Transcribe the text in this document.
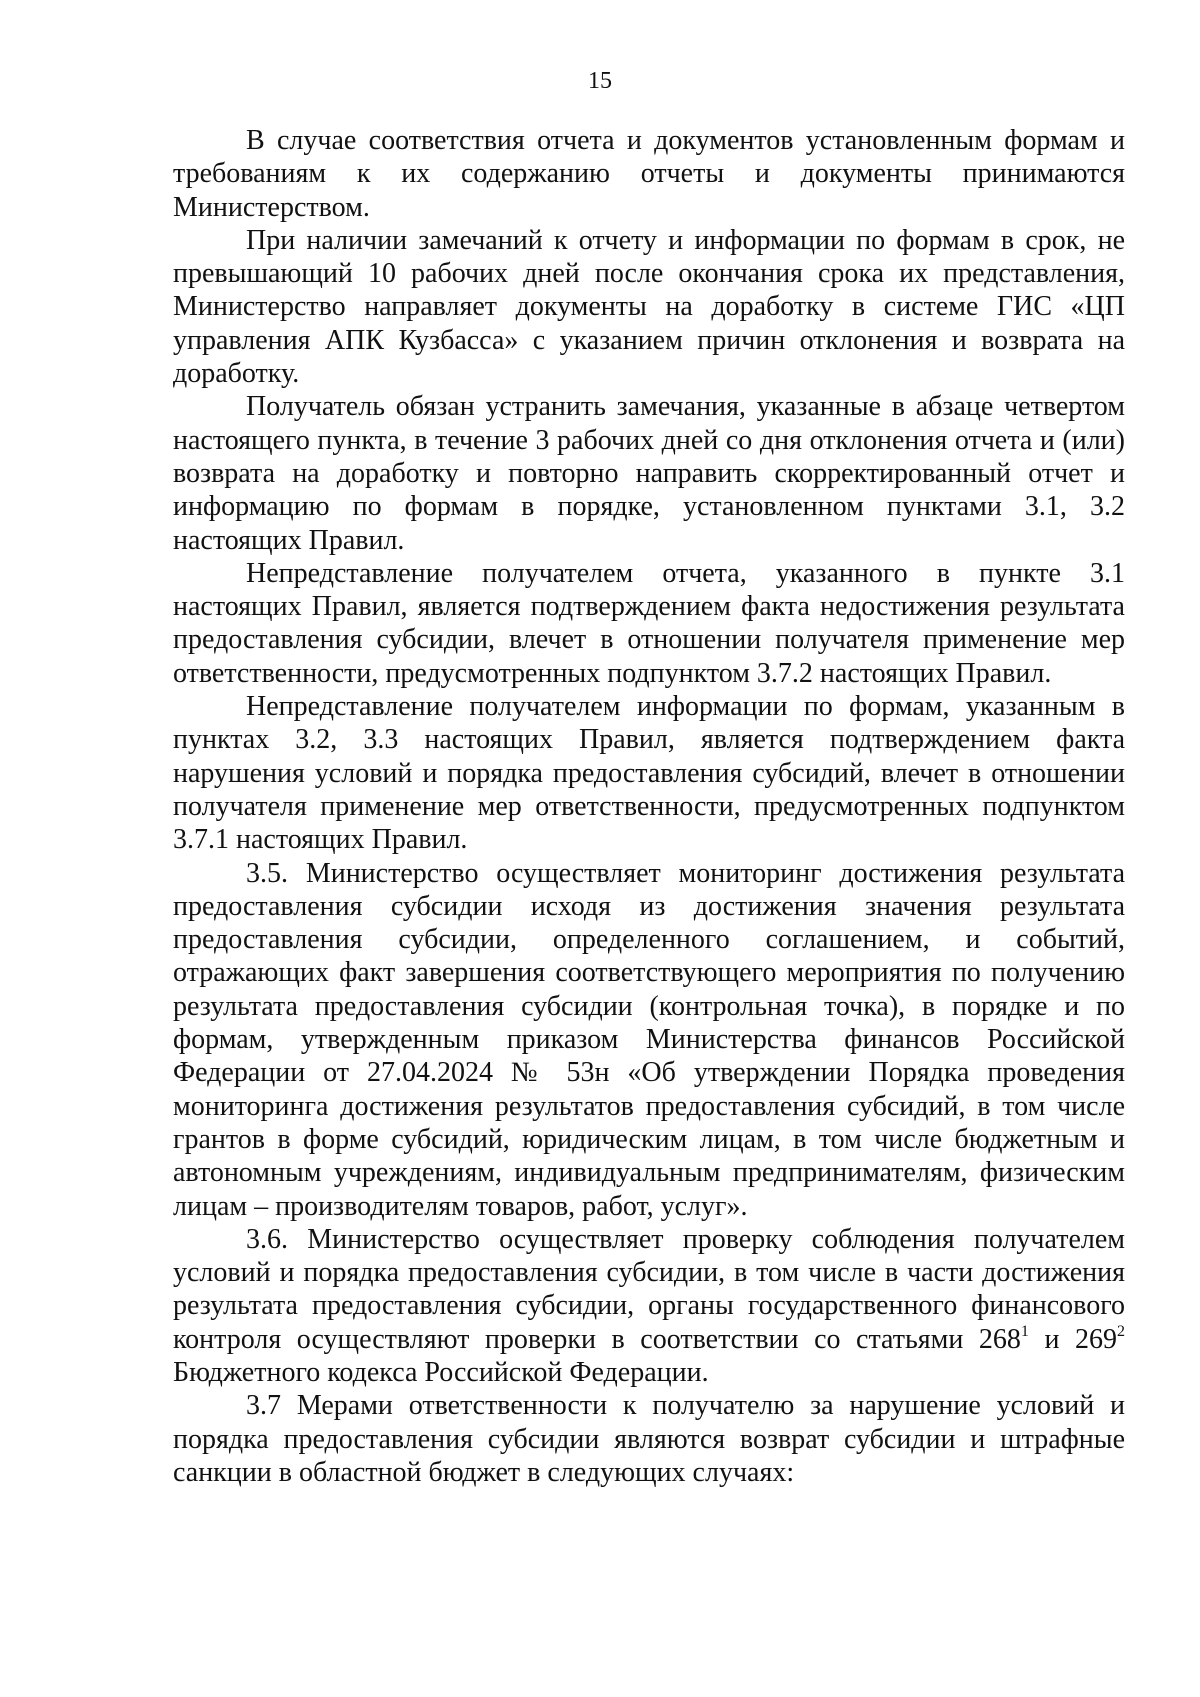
15

В случае соответствия отчета и документов установленным формам и требованиям к их содержанию отчеты и документы принимаются Министерством.

При наличии замечаний к отчету и информации по формам в срок, не превышающий 10 рабочих дней после окончания срока их представления, Министерство направляет документы на доработку в системе ГИС «ЦП управления АПК Кузбасса» с указанием причин отклонения и возврата на доработку.

Получатель обязан устранить замечания, указанные в абзаце четвертом настоящего пункта, в течение 3 рабочих дней со дня отклонения отчета и (или) возврата на доработку и повторно направить скорректированный отчет и информацию по формам в порядке, установленном пунктами 3.1, 3.2 настоящих Правил.

Непредставление получателем отчета, указанного в пункте 3.1 настоящих Правил, является подтверждением факта недостижения результата предоставления субсидии, влечет в отношении получателя применение мер ответственности, предусмотренных подпунктом 3.7.2 настоящих Правил.

Непредставление получателем информации по формам, указанным в пунктах 3.2, 3.3 настоящих Правил, является подтверждением факта нарушения условий и порядка предоставления субсидий, влечет в отношении получателя применение мер ответственности, предусмотренных подпунктом 3.7.1 настоящих Правил.

3.5. Министерство осуществляет мониторинг достижения результата предоставления субсидии исходя из достижения значения результата предоставления субсидии, определенного соглашением, и событий, отражающих факт завершения соответствующего мероприятия по получению результата предоставления субсидии (контрольная точка), в порядке и по формам, утвержденным приказом Министерства финансов Российской Федерации от 27.04.2024 № 53н «Об утверждении Порядка проведения мониторинга достижения результатов предоставления субсидий, в том числе грантов в форме субсидий, юридическим лицам, в том числе бюджетным и автономным учреждениям, индивидуальным предпринимателям, физическим лицам – производителям товаров, работ, услуг».

3.6. Министерство осуществляет проверку соблюдения получателем условий и порядка предоставления субсидии, в том числе в части достижения результата предоставления субсидии, органы государственного финансового контроля осуществляют проверки в соответствии со статьями $268^1$ и $269^2$ Бюджетного кодекса Российской Федерации.

3.7 Мерами ответственности к получателю за нарушение условий и порядка предоставления субсидии являются возврат субсидии и штрафные санкции в областной бюджет в следующих случаях:
